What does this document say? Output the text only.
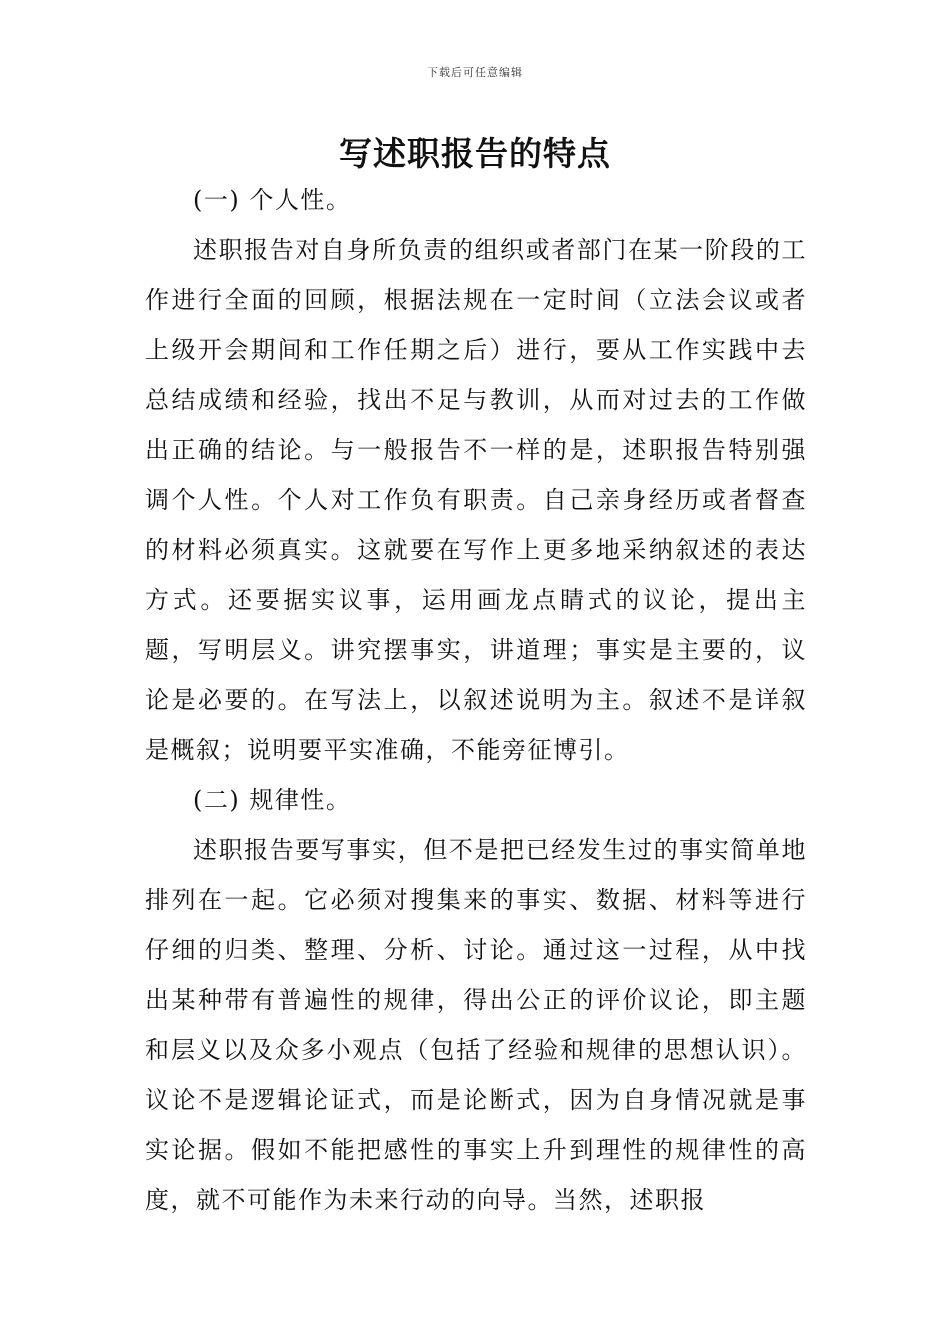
下载后可任意编辑
写述职报告的特点

(一) 个人性。

述职报告对自身所负责的组织或者部门在某一阶段的工作进行全面的回顾，根据法规在一定时间（立法会议或者上级开会期间和工作任期之后）进行，要从工作实践中去总结成绩和经验，找出不足与教训，从而对过去的工作做出正确的结论。与一般报告不一样的是，述职报告特别强调个人性。个人对工作负有职责。自己亲身经历或者督查的材料必须真实。这就要在写作上更多地采纳叙述的表达方式。还要据实议事，运用画龙点睛式的议论，提出主题，写明层义。讲究摆事实，讲道理；事实是主要的，议论是必要的。在写法上，以叙述说明为主。叙述不是详叙是概叙；说明要平实准确，不能旁征博引。

(二) 规律性。

述职报告要写事实，但不是把已经发生过的事实简单地排列在一起。它必须对搜集来的事实、数据、材料等进行仔细的归类、整理、分析、讨论。通过这一过程，从中找出某种带有普遍性的规律，得出公正的评价议论，即主题和层义以及众多小观点（包括了经验和规律的思想认识）。议论不是逻辑论证式，而是论断式，因为自身情况就是事实论据。假如不能把感性的事实上升到理性的规律性的高度，就不可能作为未来行动的向导。当然，述职报
